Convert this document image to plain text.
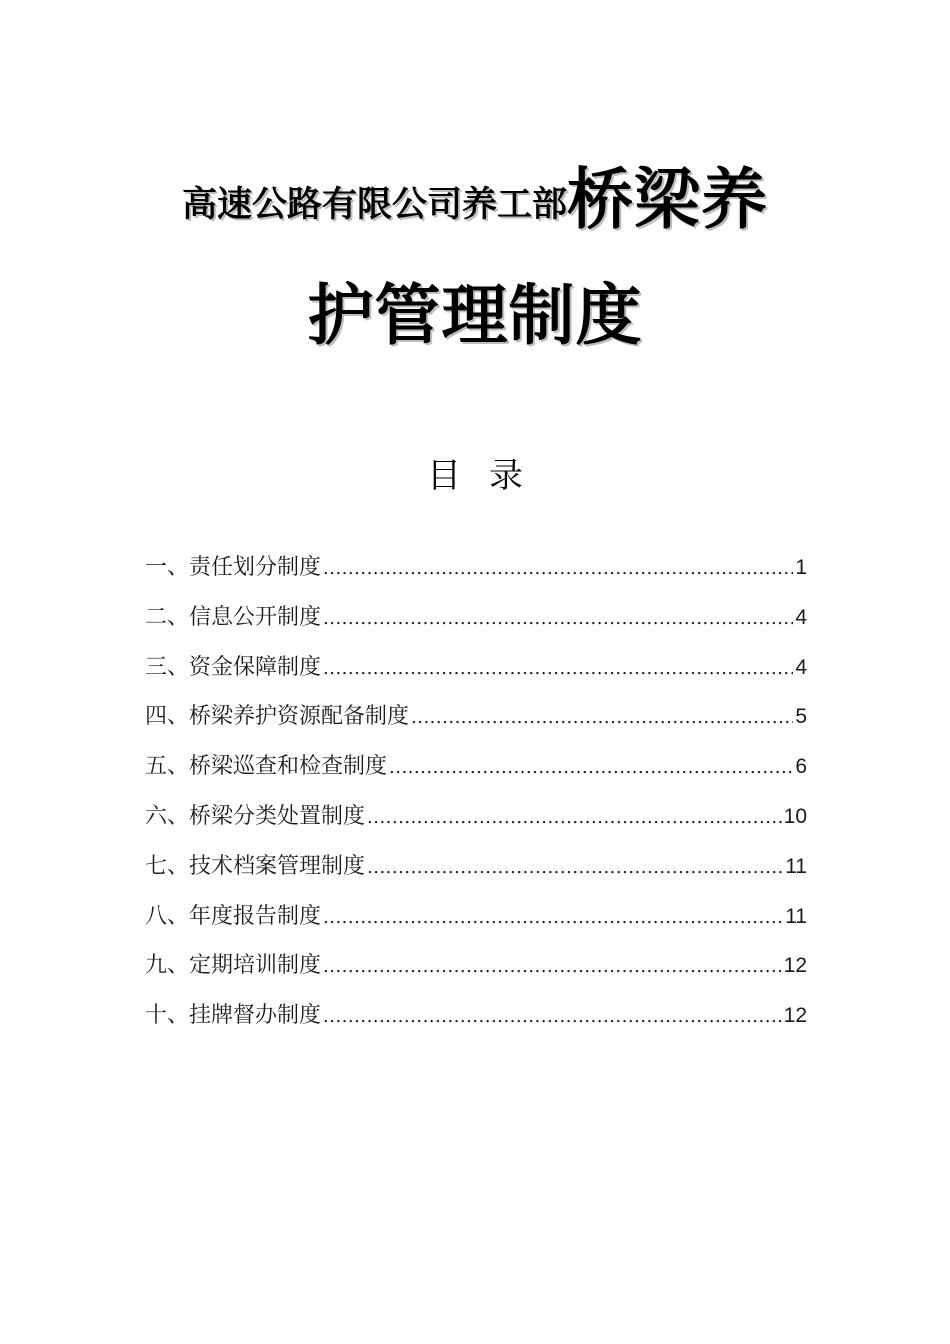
高速公路有限公司养工部桥梁养
护管理制度
目 录
一、责任划分制度 .....	1
二、信息公开制度 .....	4
三、资金保障制度 .....	4
四、桥梁养护资源配备制度 .....	5
五、桥梁巡查和检查制度 .....	6
六、桥梁分类处置制度 .....	10
七、技术档案管理制度 .....	11
八、年度报告制度 .....	11
九、定期培训制度 .....	12
十、挂牌督办制度 .....	12
